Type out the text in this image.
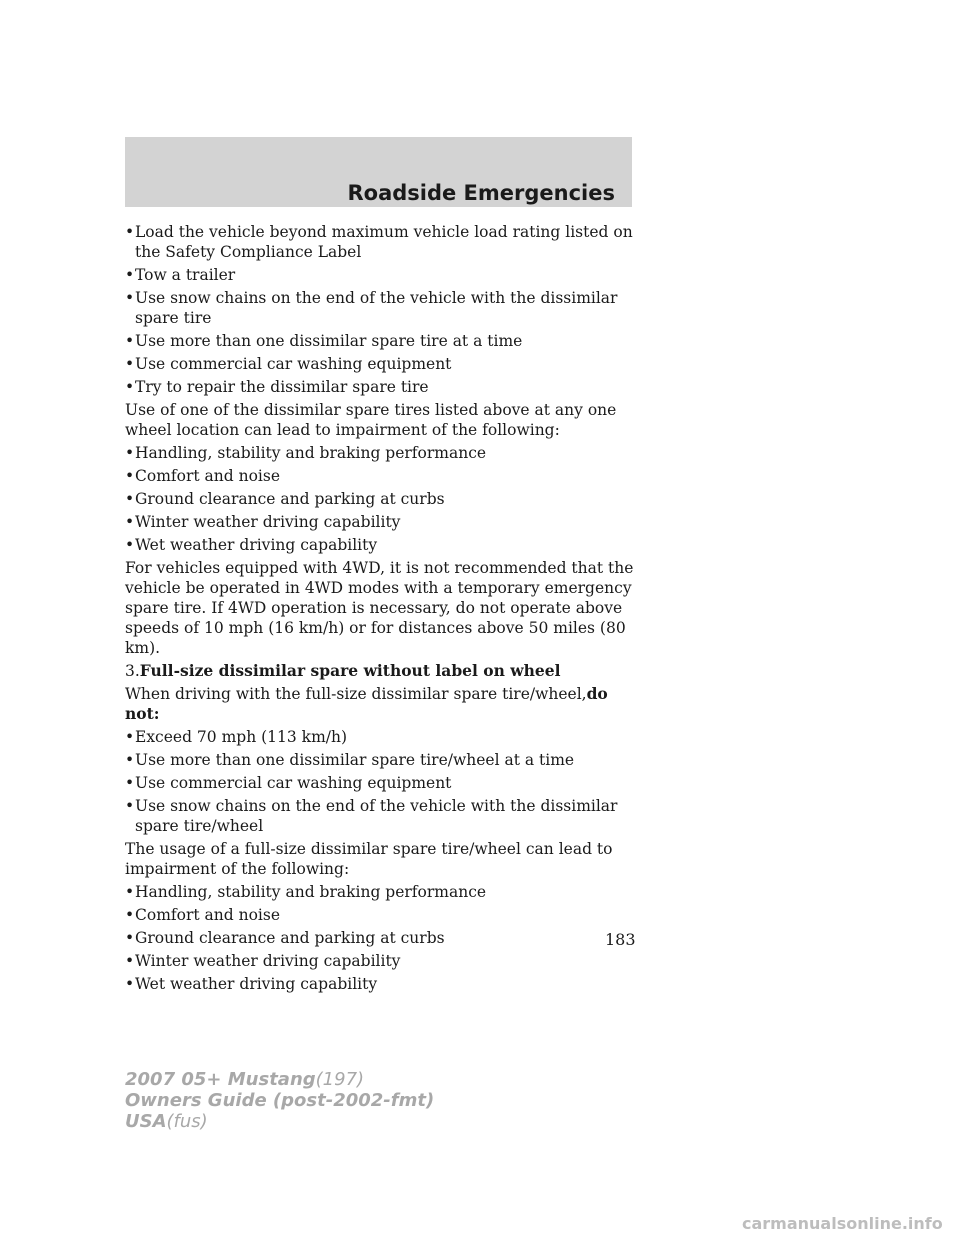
Roadside Emergencies
• Load the vehicle beyond maximum vehicle load rating listed on the Safety Compliance Label
• Tow a trailer
• Use snow chains on the end of the vehicle with the dissimilar spare tire
• Use more than one dissimilar spare tire at a time
• Use commercial car washing equipment
• Try to repair the dissimilar spare tire

Use of one of the dissimilar spare tires listed above at any one wheel location can lead to impairment of the following:

• Handling, stability and braking performance
• Comfort and noise
• Ground clearance and parking at curbs
• Winter weather driving capability
• Wet weather driving capability

For vehicles equipped with 4WD, it is not recommended that the vehicle be operated in 4WD modes with a temporary emergency spare tire. If 4WD operation is necessary, do not operate above speeds of 10 mph (16 km/h) or for distances above 50 miles (80 km).

3.Full-size dissimilar spare without label on wheel

When driving with the full-size dissimilar spare tire/wheel,do not:

• Exceed 70 mph (113 km/h)
• Use more than one dissimilar spare tire/wheel at a time
• Use commercial car washing equipment
• Use snow chains on the end of the vehicle with the dissimilar spare tire/wheel

The usage of a full-size dissimilar spare tire/wheel can lead to impairment of the following:

• Handling, stability and braking performance
• Comfort and noise
• Ground clearance and parking at curbs
• Winter weather driving capability
• Wet weather driving capability
183
2007 05+ Mustang(197)
Owners Guide (post-2002-fmt)
USA(fus)
carmanualsonline.info
